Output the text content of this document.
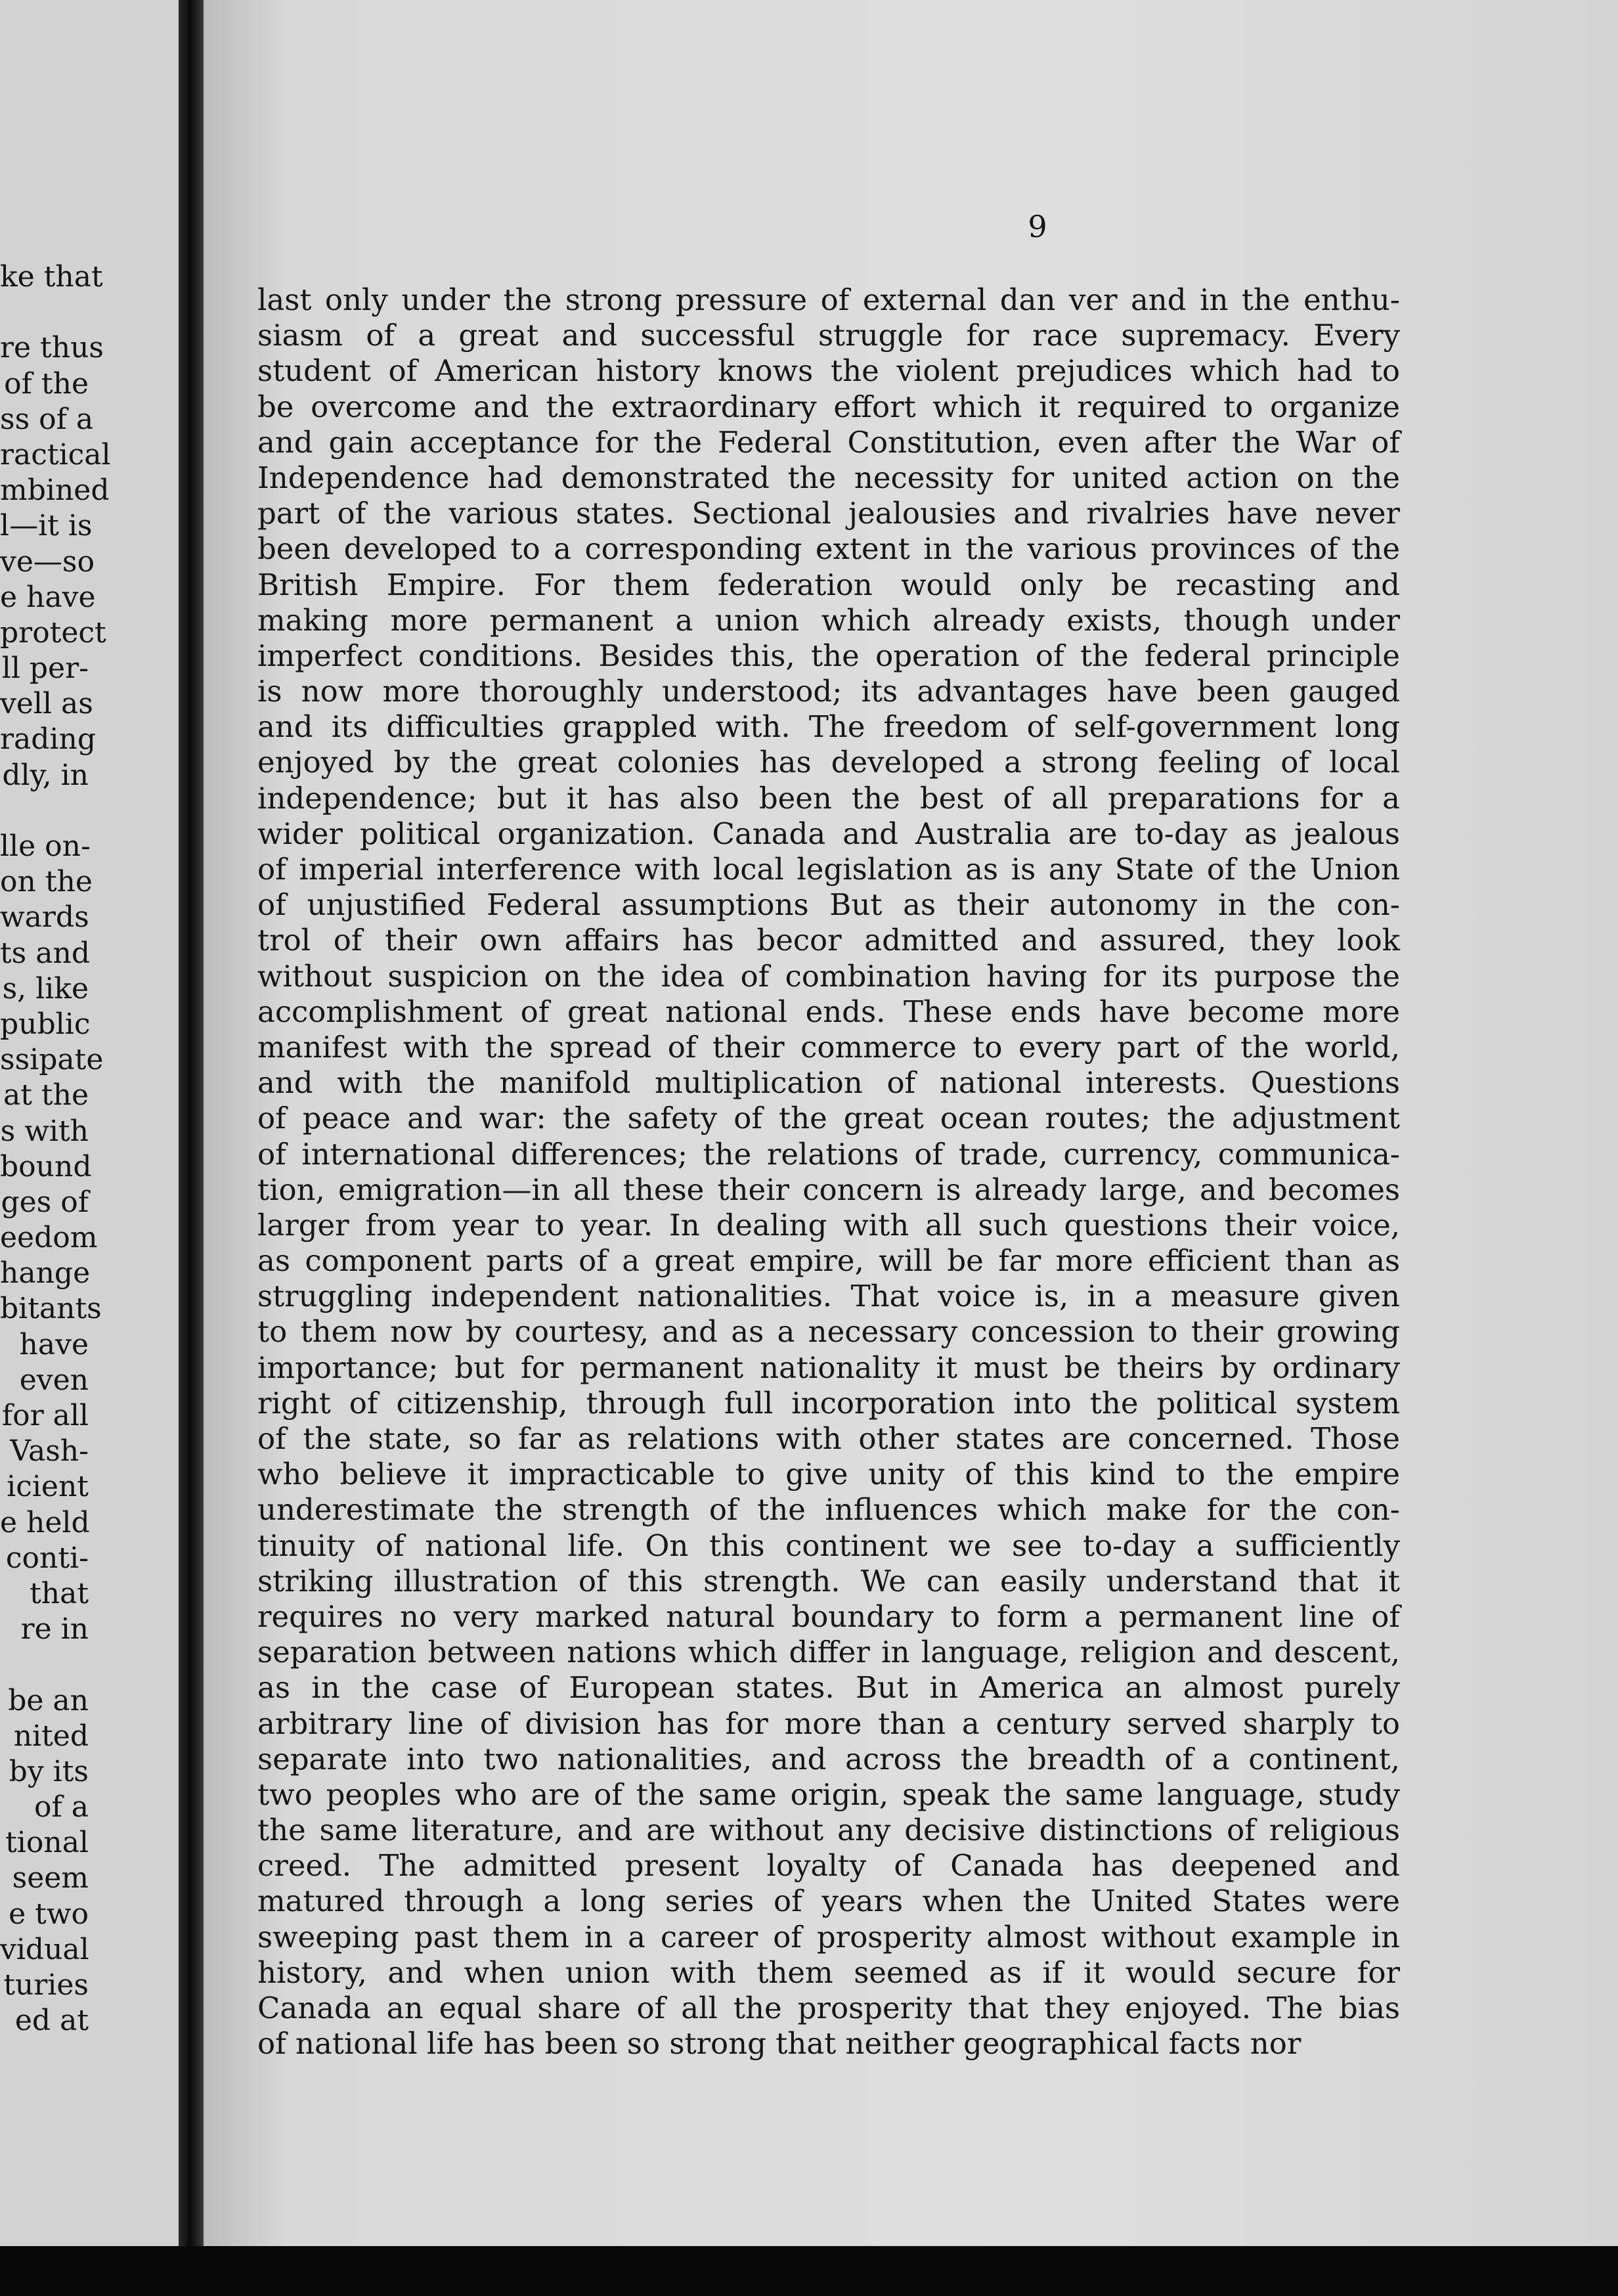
ke that
re thus
of the
ss of a
ractical
mbined
l—it is
ve—so
e have
protect
ll per-
vell as
rading
dly, in
lle on-
on the
wards
ts and
s, like
public
ssipate
at the
s with
bound
ges of
eedom
hange
bitants
have
even
for all
Vash-
icient
e held
conti-
that
re in
be an
nited
by its
of a
tional
seem
e two
vidual
turies
ed at
9
last only under the strong pressure of external dan ver and in the enthu-
siasm of a great and successful struggle for race supremacy. Every
student of American history knows the violent prejudices which had to
be overcome and the extraordinary effort which it required to organize
and gain acceptance for the Federal Constitution, even after the War of
Independence had demonstrated the necessity for united action on the
part of the various states. Sectional jealousies and rivalries have never
been developed to a corresponding extent in the various provinces of the
British Empire. For them federation would only be recasting and
making more permanent a union which already exists, though under
imperfect conditions. Besides this, the operation of the federal principle
is now more thoroughly understood; its advantages have been gauged
and its difficulties grappled with. The freedom of self-government long
enjoyed by the great colonies has developed a strong feeling of local
independence; but it has also been the best of all preparations for a
wider political organization. Canada and Australia are to-day as jealous
of imperial interference with local legislation as is any State of the Union
of unjustified Federal assumptions But as their autonomy in the con-
trol of their own affairs has becor admitted and assured, they look
without suspicion on the idea of combination having for its purpose the
accomplishment of great national ends. These ends have become more
manifest with the spread of their commerce to every part of the world,
and with the manifold multiplication of national interests. Questions
of peace and war: the safety of the great ocean routes; the adjustment
of international differences; the relations of trade, currency, communica-
tion, emigration—in all these their concern is already large, and becomes
larger from year to year. In dealing with all such questions their voice,
as component parts of a great empire, will be far more efficient than as
struggling independent nationalities. That voice is, in a measure given
to them now by courtesy, and as a necessary concession to their growing
importance; but for permanent nationality it must be theirs by ordinary
right of citizenship, through full incorporation into the political system
of the state, so far as relations with other states are concerned. Those
who believe it impracticable to give unity of this kind to the empire
underestimate the strength of the influences which make for the con-
tinuity of national life. On this continent we see to-day a sufficiently
striking illustration of this strength. We can easily understand that it
requires no very marked natural boundary to form a permanent line of
separation between nations which differ in language, religion and descent,
as in the case of European states. But in America an almost purely
arbitrary line of division has for more than a century served sharply to
separate into two nationalities, and across the breadth of a continent,
two peoples who are of the same origin, speak the same language, study
the same literature, and are without any decisive distinctions of religious
creed. The admitted present loyalty of Canada has deepened and
matured through a long series of years when the United States were
sweeping past them in a career of prosperity almost without example in
history, and when union with them seemed as if it would secure for
Canada an equal share of all the prosperity that they enjoyed. The bias
of national life has been so strong that neither geographical facts nor
